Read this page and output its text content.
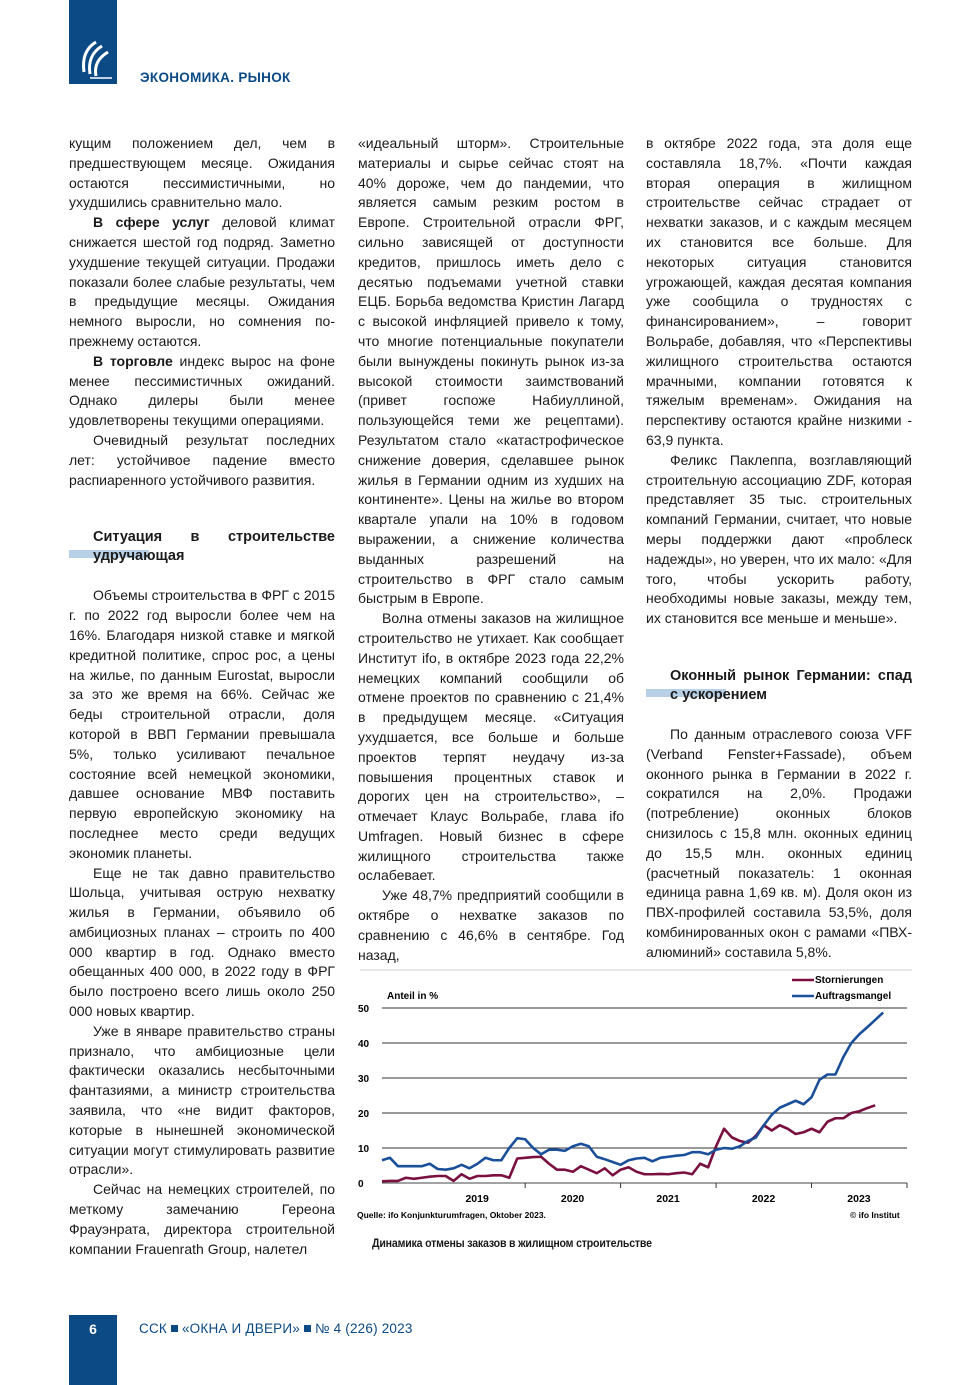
ЭКОНОМИКА. РЫНОК

кущим положением дел, чем в предшествующем месяце. Ожидания остаются пессимистичными, но ухудшились сравнительно мало.

В сфере услуг деловой климат снижается шестой год подряд. Заметно ухудшение текущей ситуации. Продажи показали более слабые результаты, чем в предыдущие месяцы. Ожидания немного выросли, но сомнения по-прежнему остаются.

В торговле индекс вырос на фоне менее пессимистичных ожиданий. Однако дилеры были менее удовлетворены текущими операциями.

Очевидный результат последних лет: устойчивое падение вместо распиаренного устойчивого развития.

Ситуация в строительстве удручающая

Объемы строительства в ФРГ с 2015 г. по 2022 год выросли более чем на 16%. Благодаря низкой ставке и мягкой кредитной политике, спрос рос, а цены на жилье, по данным Eurostat, выросли за это же время на 66%. Сейчас же беды строительной отрасли, доля которой в ВВП Германии превышала 5%, только усиливают печальное состояние всей немецкой экономики, давшее основание МВФ поставить первую европейскую экономику на последнее место среди ведущих экономик планеты.

Еще не так давно правительство Шольца, учитывая острую нехватку жилья в Германии, объявило об амбициозных планах – строить по 400 000 квартир в год. Однако вместо обещанных 400 000, в 2022 году в ФРГ было построено всего лишь около 250 000 новых квартир.

Уже в январе правительство страны признало, что амбициозные цели фактически оказались несбыточными фантазиями, а министр строительства заявила, что «не видит факторов, которые в нынешней экономической ситуации могут стимулировать развитие отрасли».

Сейчас на немецких строителей, по меткому замечанию Гереона Фрауэнрата, директора строительной компании Frauenrath Group, налетел

«идеальный шторм». Строительные материалы и сырье сейчас стоят на 40% дороже, чем до пандемии, что является самым резким ростом в Европе. Строительной отрасли ФРГ, сильно зависящей от доступности кредитов, пришлось иметь дело с десятью подъемами учетной ставки ЕЦБ. Борьба ведомства Кристин Лагард с высокой инфляцией привело к тому, что многие потенциальные покупатели были вынуждены покинуть рынок из-за высокой стоимости заимствований (привет госпоже Набиуллиной, пользующейся теми же рецептами). Результатом стало «катастрофическое снижение доверия, сделавшее рынок жилья в Германии одним из худших на континенте». Цены на жилье во втором квартале упали на 10% в годовом выражении, а снижение количества выданных разрешений на строительство в ФРГ стало самым быстрым в Европе.

Волна отмены заказов на жилищное строительство не утихает. Как сообщает Институт ifo, в октябре 2023 года 22,2% немецких компаний сообщили об отмене проектов по сравнению с 21,4% в предыдущем месяце. «Ситуация ухудшается, все больше и больше проектов терпят неудачу из-за повышения процентных ставок и дорогих цен на строительство», – отмечает Клаус Вольрабе, глава ifo Umfragen. Новый бизнес в сфере жилищного строительства также ослабевает.

Уже 48,7% предприятий сообщили в октябре о нехватке заказов по сравнению с 46,6% в сентябре. Год назад,

в октябре 2022 года, эта доля еще составляла 18,7%. «Почти каждая вторая операция в жилищном строительстве сейчас страдает от нехватки заказов, и с каждым месяцем их становится все больше. Для некоторых ситуация становится угрожающей, каждая десятая компания уже сообщила о трудностях с финансированием», – говорит Вольрабе, добавляя, что «Перспективы жилищного строительства остаются мрачными, компании готовятся к тяжелым временам». Ожидания на перспективу остаются крайне низкими - 63,9 пункта.

Феликс Паклеппа, возглавляющий строительную ассоциацию ZDF, которая представляет 35 тыс. строительных компаний Германии, считает, что новые меры поддержки дают «проблеск надежды», но уверен, что их мало: «Для того, чтобы ускорить работу, необходимы новые заказы, между тем, их становится все меньше и меньше».

Оконный рынок Германии: спад с ускорением

По данным отраслевого союза VFF (Verband Fenster+Fassade), объем оконного рынка в Германии в 2022 г. сократился на 2,0%. Продажи (потребление) оконных блоков снизилось с 15,8 млн. оконных единиц до 15,5 млн. оконных единиц (расчетный показатель: 1 оконная единица равна 1,69 кв. м). Доля окон из ПВХ-профилей составила 53,5%, доля комбинированных окон с рамами «ПВХ-алюминий» составила 5,8%.

Anteil in %
50
40
30
20
10
0
2019	2020	2021	2022	2023
Stornierungen
Auftragsmangel
Quelle: ifo Konjunkturumfragen, Oktober 2023.	© ifo Institut
Динамика отмены заказов в жилищном строительстве
6	ССК «ОКНА И ДВЕРИ» № 4 (226) 2023
